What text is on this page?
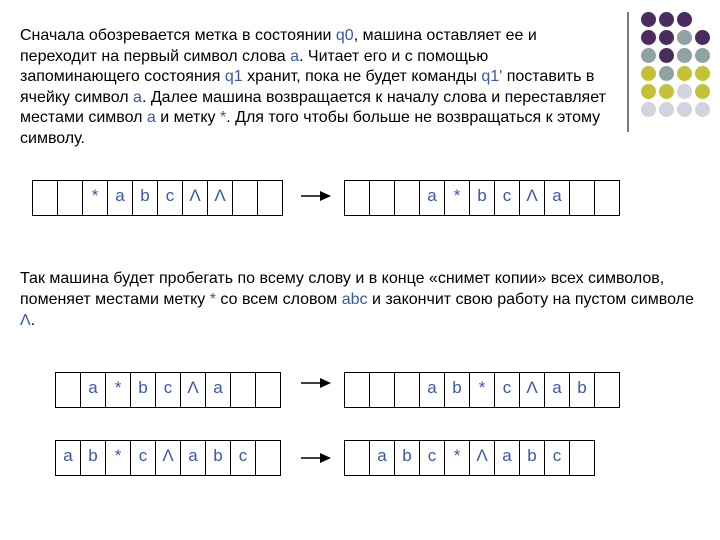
Сначала обозревается метка в состоянии q0, машина оставляет ее и переходит на первый символ слова a. Читает его и с помощью запоминающего состояния q1 хранит, пока не будет команды q1' поставить в ячейку символ a. Далее машина возвращается к началу слова и переставляет местами символ a и метку *. Для того чтобы больше не возвращаться к этому символу.

* a b c Λ Λ	a * b c Λ a

Так машина будет пробегать по всему слову и в конце «снимет копии» всех символов, поменяет местами метку * со всем словом abc и закончит свою работу на пустом символе Λ.

a * b c Λ a	a b *	c Λ a b
a b *	c Λ a b c	a b c	* Λ a b c
